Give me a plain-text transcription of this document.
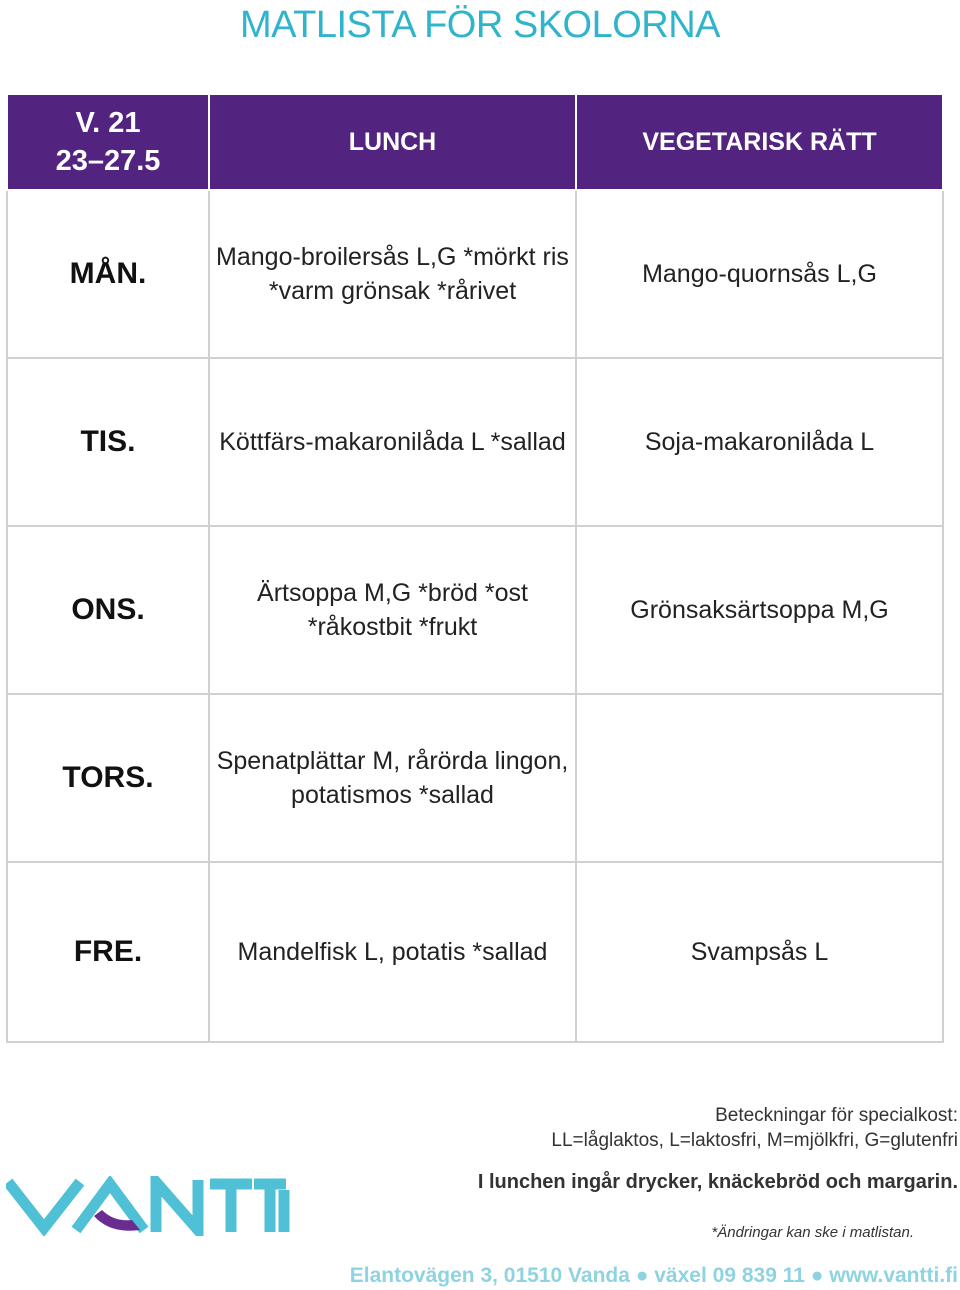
MATLISTA FÖR SKOLORNA
V. 21
23–27.5	LUNCH	VEGETARISK RÄTT
MÅN.	Mango-broilersås L,G *mörkt ris *varm grönsak *rårivet	Mango-quornsås L,G
TIS.	Köttfärs-makaronilåda L *sallad	Soja-makaronilåda L
ONS.	Ärtsoppa M,G *bröd *ost *råkostbit *frukt	Grönsaksärtsoppa M,G
TORS.	Spenatplättar M, rårörda lingon, potatismos *sallad	
FRE.	Mandelfisk L, potatis *sallad	Svampsås L
Beteckningar för specialkost:
LL=låglaktos, L=laktosfri, M=mjölkfri, G=glutenfri
I lunchen ingår drycker, knäckebröd och margarin.
*Ändringar kan ske i matlistan.
Elantovägen 3, 01510 Vanda ● växel 09 839 11 ● www.vantti.fi
